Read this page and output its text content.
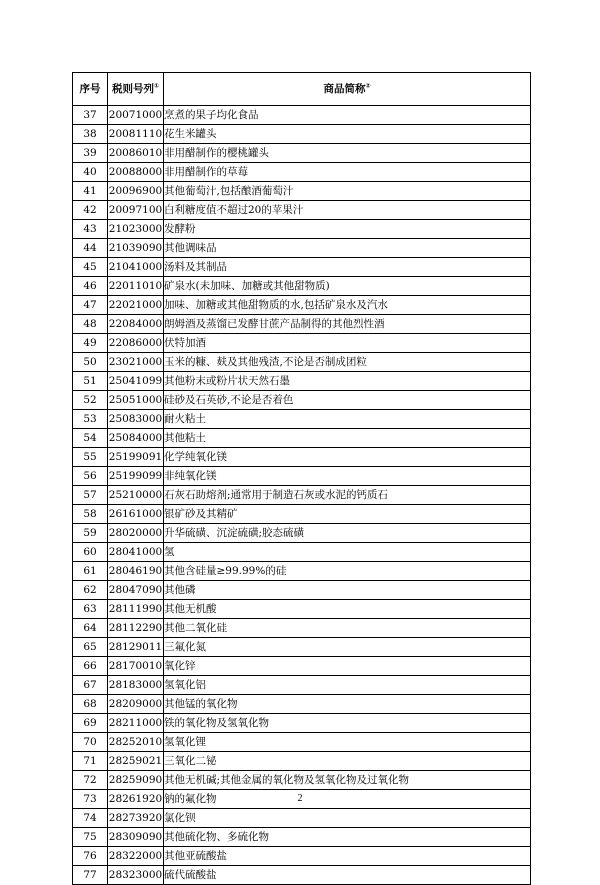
序号	税则号列①	商品简称②
37	20071000	烹煮的果子均化食品
38	20081110	花生米罐头
39	20086010	非用醋制作的樱桃罐头
40	20088000	非用醋制作的草莓
41	20096900	其他葡萄汁,包括酿酒葡萄汁
42	20097100	白利糖度值不超过20的苹果汁
43	21023000	发酵粉
44	21039090	其他调味品
45	21041000	汤料及其制品
46	22011010	矿泉水(未加味、加糖或其他甜物质)
47	22021000	加味、加糖或其他甜物质的水,包括矿泉水及汽水
48	22084000	朗姆酒及蒸馏已发酵甘蔗产品制得的其他烈性酒
49	22086000	伏特加酒
50	23021000	玉米的糠、麸及其他残渣,不论是否制成团粒
51	25041099	其他粉末或粉片状天然石墨
52	25051000	硅砂及石英砂,不论是否着色
53	25083000	耐火粘土
54	25084000	其他粘土
55	25199091	化学纯氧化镁
56	25199099	非纯氧化镁
57	25210000	石灰石助熔剂;通常用于制造石灰或水泥的钙质石
58	26161000	银矿砂及其精矿
59	28020000	升华硫磺、沉淀硫磺;胶态硫磺
60	28041000	氢
61	28046190	其他含硅量≥99.99%的硅
62	28047090	其他磷
63	28111990	其他无机酸
64	28112290	其他二氧化硅
65	28129011	三氟化氮
66	28170010	氧化锌
67	28183000	氢氧化铝
68	28209000	其他锰的氧化物
69	28211000	铁的氧化物及氢氧化物
70	28252010	氢氧化锂
71	28259021	三氧化二铋
72	28259090	其他无机碱;其他金属的氧化物及氢氧化物及过氧化物
73	28261920	钠的氟化物
74	28273920	氯化钡
75	28309090	其他硫化物、多硫化物
76	28322000	其他亚硫酸盐
77	28323000	硫代硫酸盐
2
